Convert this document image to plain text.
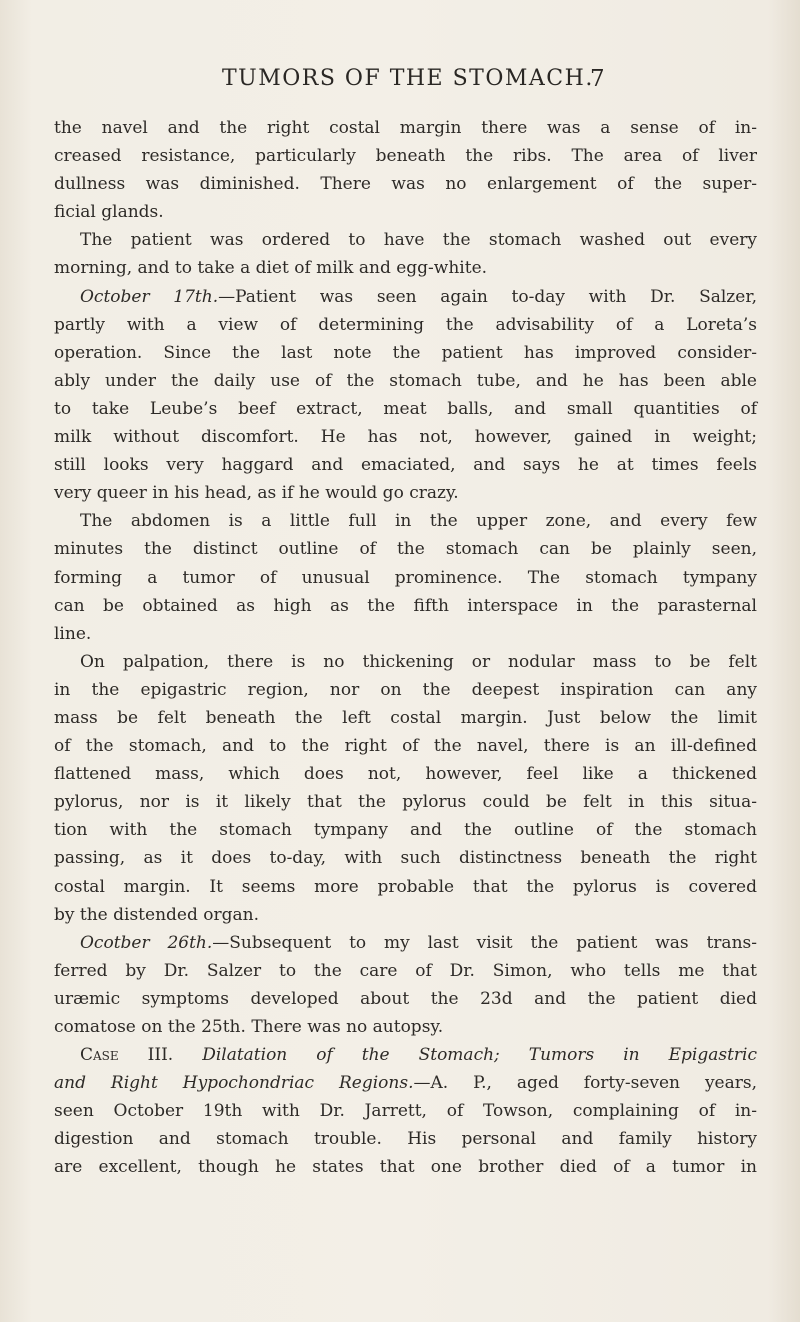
TUMORS OF THE STOMACH.
7
the navel and the right costal margin there was a sense of in-
creased resistance, particularly beneath the ribs. The area of liver
dullness was diminished. There was no enlargement of the super-
ficial glands.
The patient was ordered to have the stomach washed out every
morning, and to take a diet of milk and egg-white.
October 17th.—Patient was seen again to-day with Dr. Salzer,
partly with a view of determining the advisability of a Loreta’s
operation. Since the last note the patient has improved consider-
ably under the daily use of the stomach tube, and he has been able
to take Leube’s beef extract, meat balls, and small quantities of
milk without discomfort. He has not, however, gained in weight;
still looks very haggard and emaciated, and says he at times feels
very queer in his head, as if he would go crazy.
The abdomen is a little full in the upper zone, and every few
minutes the distinct outline of the stomach can be plainly seen,
forming a tumor of unusual prominence. The stomach tympany
can be obtained as high as the fifth interspace in the parasternal
line.
On palpation, there is no thickening or nodular mass to be felt
in the epigastric region, nor on the deepest inspiration can any
mass be felt beneath the left costal margin. Just below the limit
of the stomach, and to the right of the navel, there is an ill-defined
flattened mass, which does not, however, feel like a thickened
pylorus, nor is it likely that the pylorus could be felt in this situa-
tion with the stomach tympany and the outline of the stomach
passing, as it does to-day, with such distinctness beneath the right
costal margin. It seems more probable that the pylorus is covered
by the distended organ.
Ocotber 26th.—Subsequent to my last visit the patient was trans-
ferred by Dr. Salzer to the care of Dr. Simon, who tells me that
uræmic symptoms developed about the 23d and the patient died
comatose on the 25th. There was no autopsy.
Case III. Dilatation of the Stomach; Tumors in Epigastric
and Right Hypochondriac Regions.—A. P., aged forty-seven years,
seen October 19th with Dr. Jarrett, of Towson, complaining of in-
digestion and stomach trouble. His personal and family history
are excellent, though he states that one brother died of a tumor in
